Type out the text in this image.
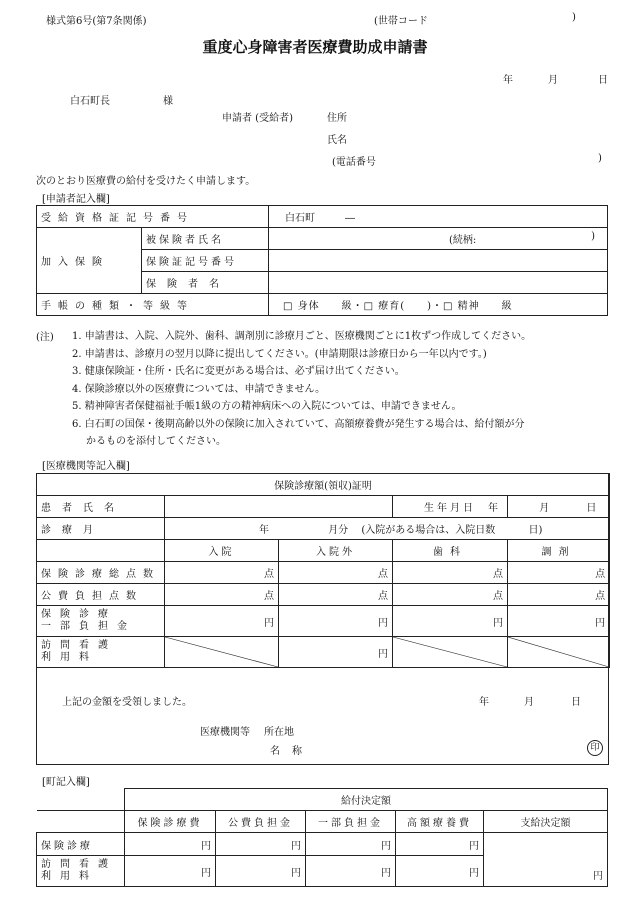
様式第6号(第7条関係)	(世帯コード	)
重度心身障害者医療費助成申請書
年	月	日
白石町長	様
申請者 (受給者)	住所
氏名
(電話番号	)
次のとおり医療費の給付を受けたく申請します。
[申請者記入欄]
受給資格証記号番号		白石町　　　―
加入保険	被保険者氏名	(続柄: )

	保険証記号番号	
	保険者名	
手帳の種類・等級等		□ 身体　　級・□ 療育(　　)・□ 精神　　級
(注) 1. 申請書は、入院、入院外、歯科、調剤別に診療月ごと、医療機関ごとに1枚ずつ作成してください。
2. 申請書は、診療月の翌月以降に提出してください。(申請期限は診療日から一年以内です。)
3. 健康保険証・住所・氏名に変更がある場合は、必ず届け出てください。
4. 保険診療以外の医療費については、申請できません。
5. 精神障害者保健福祉手帳1級の方の精神病床への入院については、申請できません。
6. 白石町の国保・後期高齢以外の保険に加入されていて、高額療養費が発生する場合は、給付額が分
かるものを添付してください。
[医療機関等記入欄]
保険診療額(領収)証明				
患者氏名			生年月日	年 月 日
診療月	年 月分 (入院がある場合は、入院日数 日)			
	入院	入院外	歯科	調剤
保険診療総点数	点	点	点	点
公費負担点数	点	点	点	点

保険診療
一部負担金	円	円	円	円

訪問看護
利用料		円	

上記の金額を受領しました。	年	月	日
医療機関等 所在地
名称	印
[町記入欄]
	給付決定額				
	保険診療費	公費負担金	一部負担金	高額療養費	支給決定額
保険診療	円	円	円	円	円

訪問看護
利用料	円	円	円	円	
